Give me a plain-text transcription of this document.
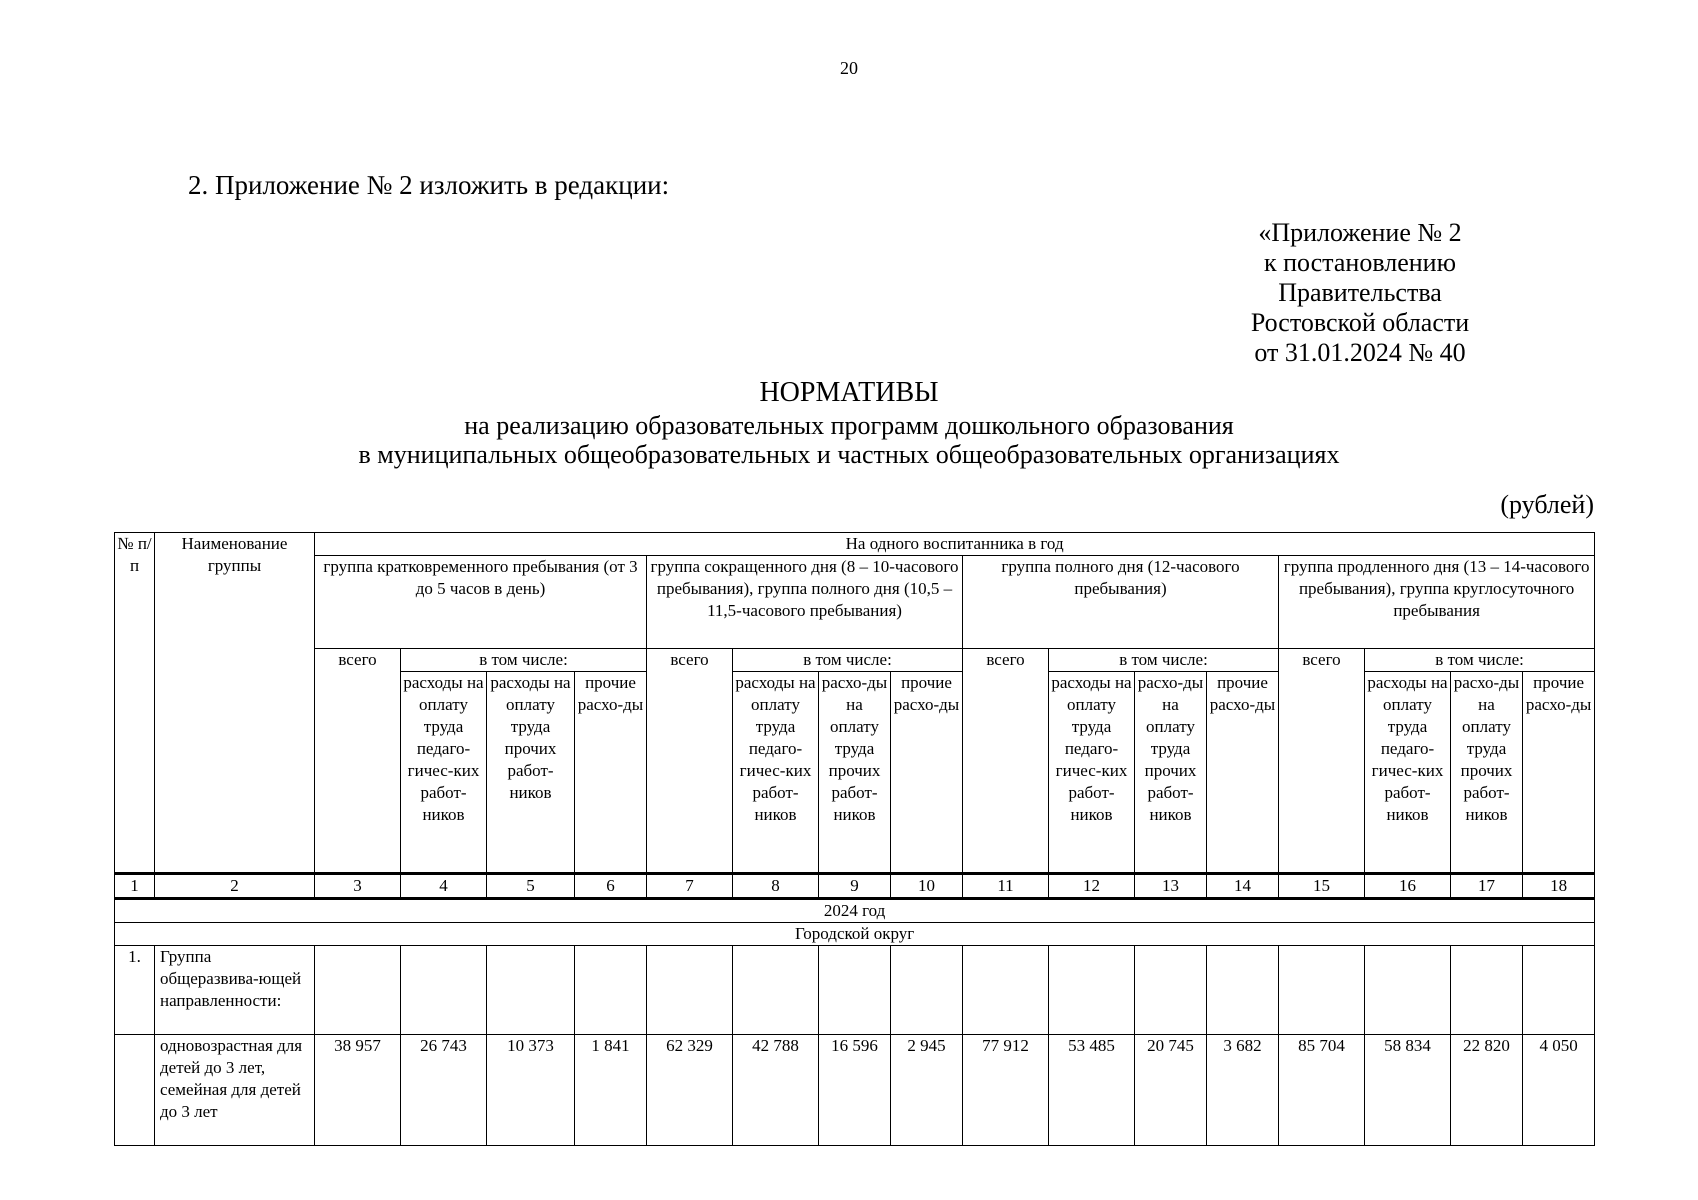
20
2. Приложение № 2 изложить в редакции:
«Приложение № 2
к постановлению
Правительства
Ростовской области
от 31.01.2024 № 40
НОРМАТИВЫ
на реализацию образовательных программ дошкольного образования
в муниципальных общеобразовательных и частных общеобразовательных организациях
(рублей)
№ п/п	Наименование группы	На одного воспитанника в год															
		группа кратковременного пребывания (от 3 до 5 часов в день)				группа сокращенного дня (8 – 10-часового пребывания), группа полного дня (10,5 – 11,5-часового пребывания)				группа полного дня (12-часового пребывания)				группа продленного дня (13 – 14-часового пребывания), группа круглосуточного пребывания			
		всего	в том числе:			всего	в том числе:			всего	в том числе:			всего	в том числе:		
			расходы на оплату труда педаго-гичес-ких работ-ников	расходы на оплату труда прочих работ-ников	прочие расхо-ды		расходы на оплату труда педаго-гичес-ких работ-ников	расхо-ды на оплату труда прочих работ-ников	прочие расхо-ды		расходы на оплату труда педаго-гичес-ких работ-ников	расхо-ды на оплату труда прочих работ-ников	прочие расхо-ды		расходы на оплату труда педаго-гичес-ких работ-ников	расхо-ды на оплату труда прочих работ-ников	прочие расхо-ды
1	2	3	4	5	6	7	8	9	10	11	12	13	14	15	16	17	18
2024 год																	
Городской округ																	
1.	Группа общеразвива-ющей направленности:																
	одновозрастная для детей до 3 лет, семейная для детей до 3 лет	38 957	26 743	10 373	1 841	62 329	42 788	16 596	2 945	77 912	53 485	20 745	3 682	85 704	58 834	22 820	4 050
